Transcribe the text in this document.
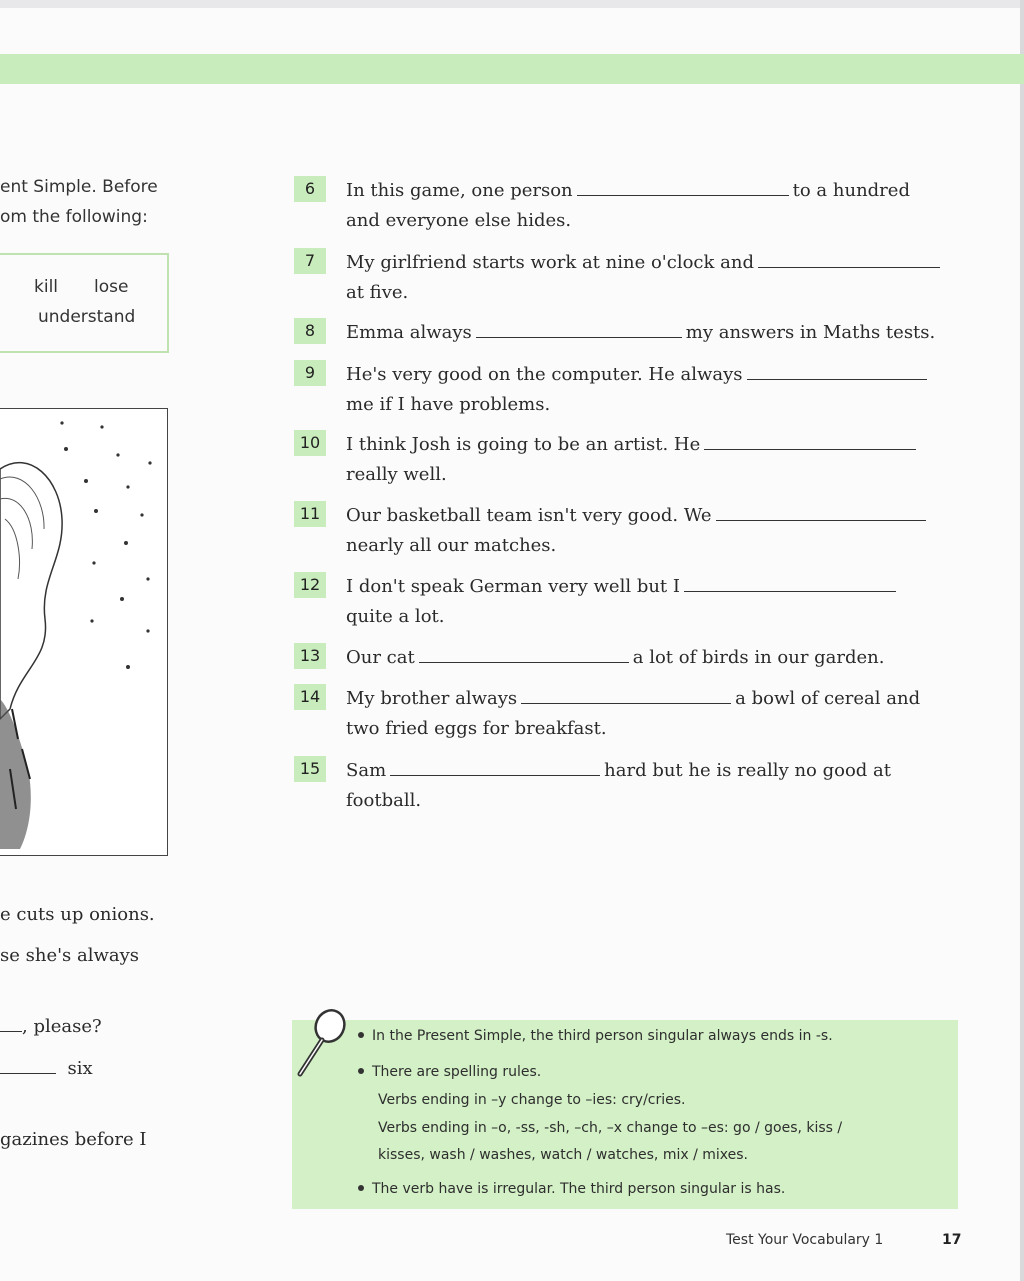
ent Simple. Before
om the following:
kill lose
understand
e cuts up onions.
se she's always
, please?
six
gazines before I
6	In this game, one person	to a hundred
and everyone else hides.
7	My girlfriend starts work at nine o'clock and
at five.
8	Emma always	my answers in Maths tests.
9	He's very good on the computer. He always
me if I have problems.
10	I think Josh is going to be an artist. He
really well.
11	Our basketball team isn't very good. We
nearly all our matches.
12	I don't speak German very well but I
quite a lot.
13	Our cat	a lot of birds in our garden.
14	My brother always	a bowl of cereal and
two fried eggs for breakfast.
15	Sam	hard but he is really no good at
football.
In the Present Simple, the third person singular always ends in -s.
There are spelling rules.
Verbs ending in –y change to –ies: cry/cries.
Verbs ending in –o, -ss, -sh, –ch, –x change to –es: go / goes, kiss /
kisses, wash / washes, watch / watches, mix / mixes.
The verb have is irregular. The third person singular is has.
Test Your Vocabulary 1	17
